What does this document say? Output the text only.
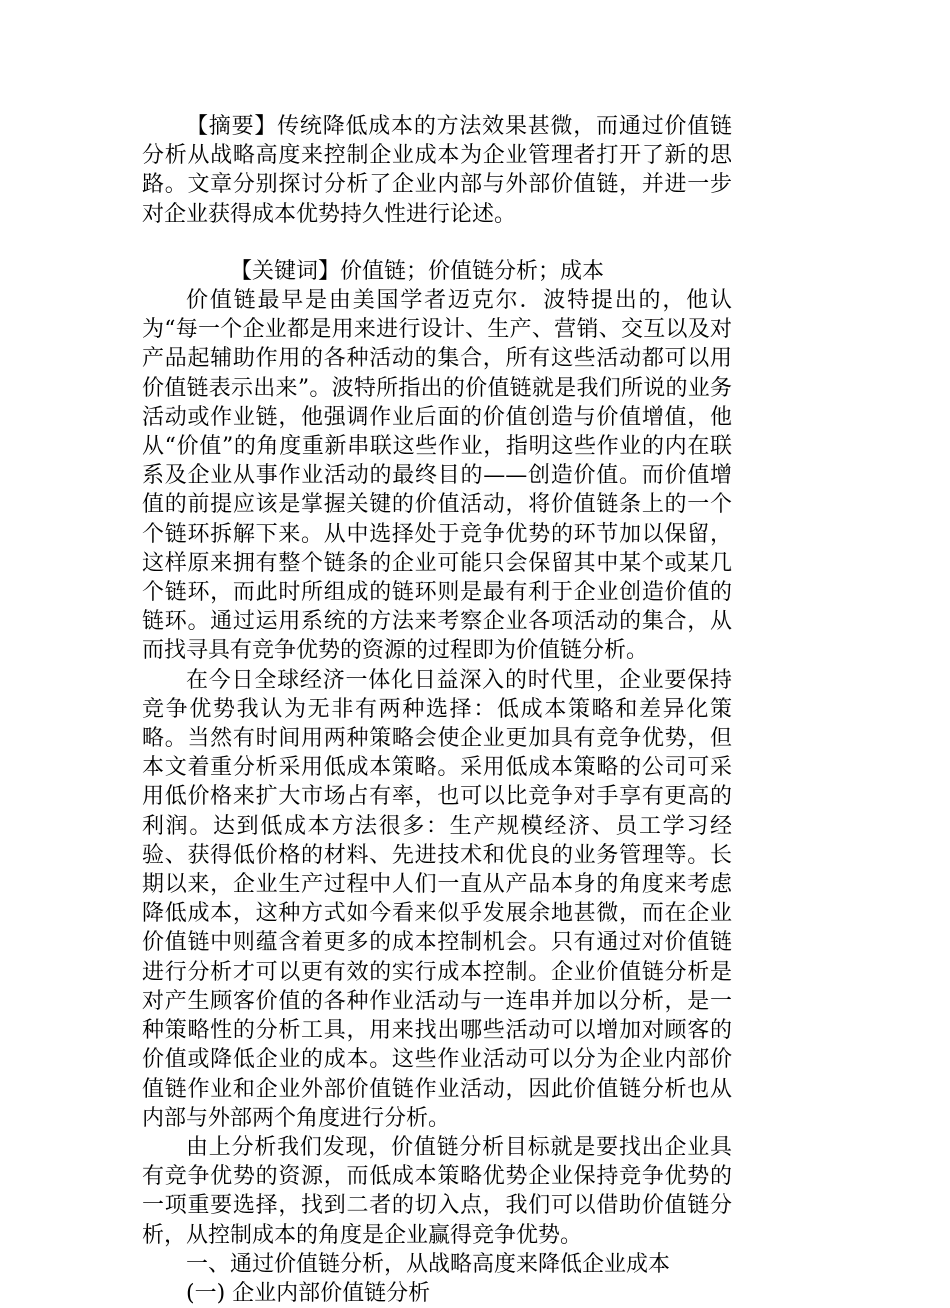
【摘要】传统降低成本的方法效果甚微，而通过价值链分析从战略高度来控制企业成本为企业管理者打开了新的思路。文章分别探讨分析了企业内部与外部价值链，并进一步对企业获得成本优势持久性进行论述。

【关键词】价值链；价值链分析；成本

价值链最早是由美国学者迈克尔．波特提出的，他认为“每一个企业都是用来进行设计、生产、营销、交互以及对产品起辅助作用的各种活动的集合，所有这些活动都可以用价值链表示出来”。波特所指出的价值链就是我们所说的业务活动或作业链，他强调作业后面的价值创造与价值增值，他从“价值”的角度重新串联这些作业，指明这些作业的内在联系及企业从事作业活动的最终目的——创造价值。而价值增值的前提应该是掌握关键的价值活动，将价值链条上的一个个链环拆解下来。从中选择处于竞争优势的环节加以保留，这样原来拥有整个链条的企业可能只会保留其中某个或某几个链环，而此时所组成的链环则是最有利于企业创造价值的链环。通过运用系统的方法来考察企业各项活动的集合，从而找寻具有竞争优势的资源的过程即为价值链分析。

在今日全球经济一体化日益深入的时代里，企业要保持竞争优势我认为无非有两种选择：低成本策略和差异化策略。当然有时间用两种策略会使企业更加具有竞争优势，但本文着重分析采用低成本策略。采用低成本策略的公司可采用低价格来扩大市场占有率，也可以比竞争对手享有更高的利润。达到低成本方法很多：生产规模经济、员工学习经验、获得低价格的材料、先进技术和优良的业务管理等。长期以来，企业生产过程中人们一直从产品本身的角度来考虑降低成本，这种方式如今看来似乎发展余地甚微，而在企业价值链中则蕴含着更多的成本控制机会。只有通过对价值链进行分析才可以更有效的实行成本控制。企业价值链分析是对产生顾客价值的各种作业活动与一连串并加以分析，是一种策略性的分析工具，用来找出哪些活动可以增加对顾客的价值或降低企业的成本。这些作业活动可以分为企业内部价值链作业和企业外部价值链作业活动，因此价值链分析也从内部与外部两个角度进行分析。

由上分析我们发现，价值链分析目标就是要找出企业具有竞争优势的资源，而低成本策略优势企业保持竞争优势的一项重要选择，找到二者的切入点，我们可以借助价值链分析，从控制成本的角度是企业赢得竞争优势。

一、通过价值链分析，从战略高度来降低企业成本

(一) 企业内部价值链分析
